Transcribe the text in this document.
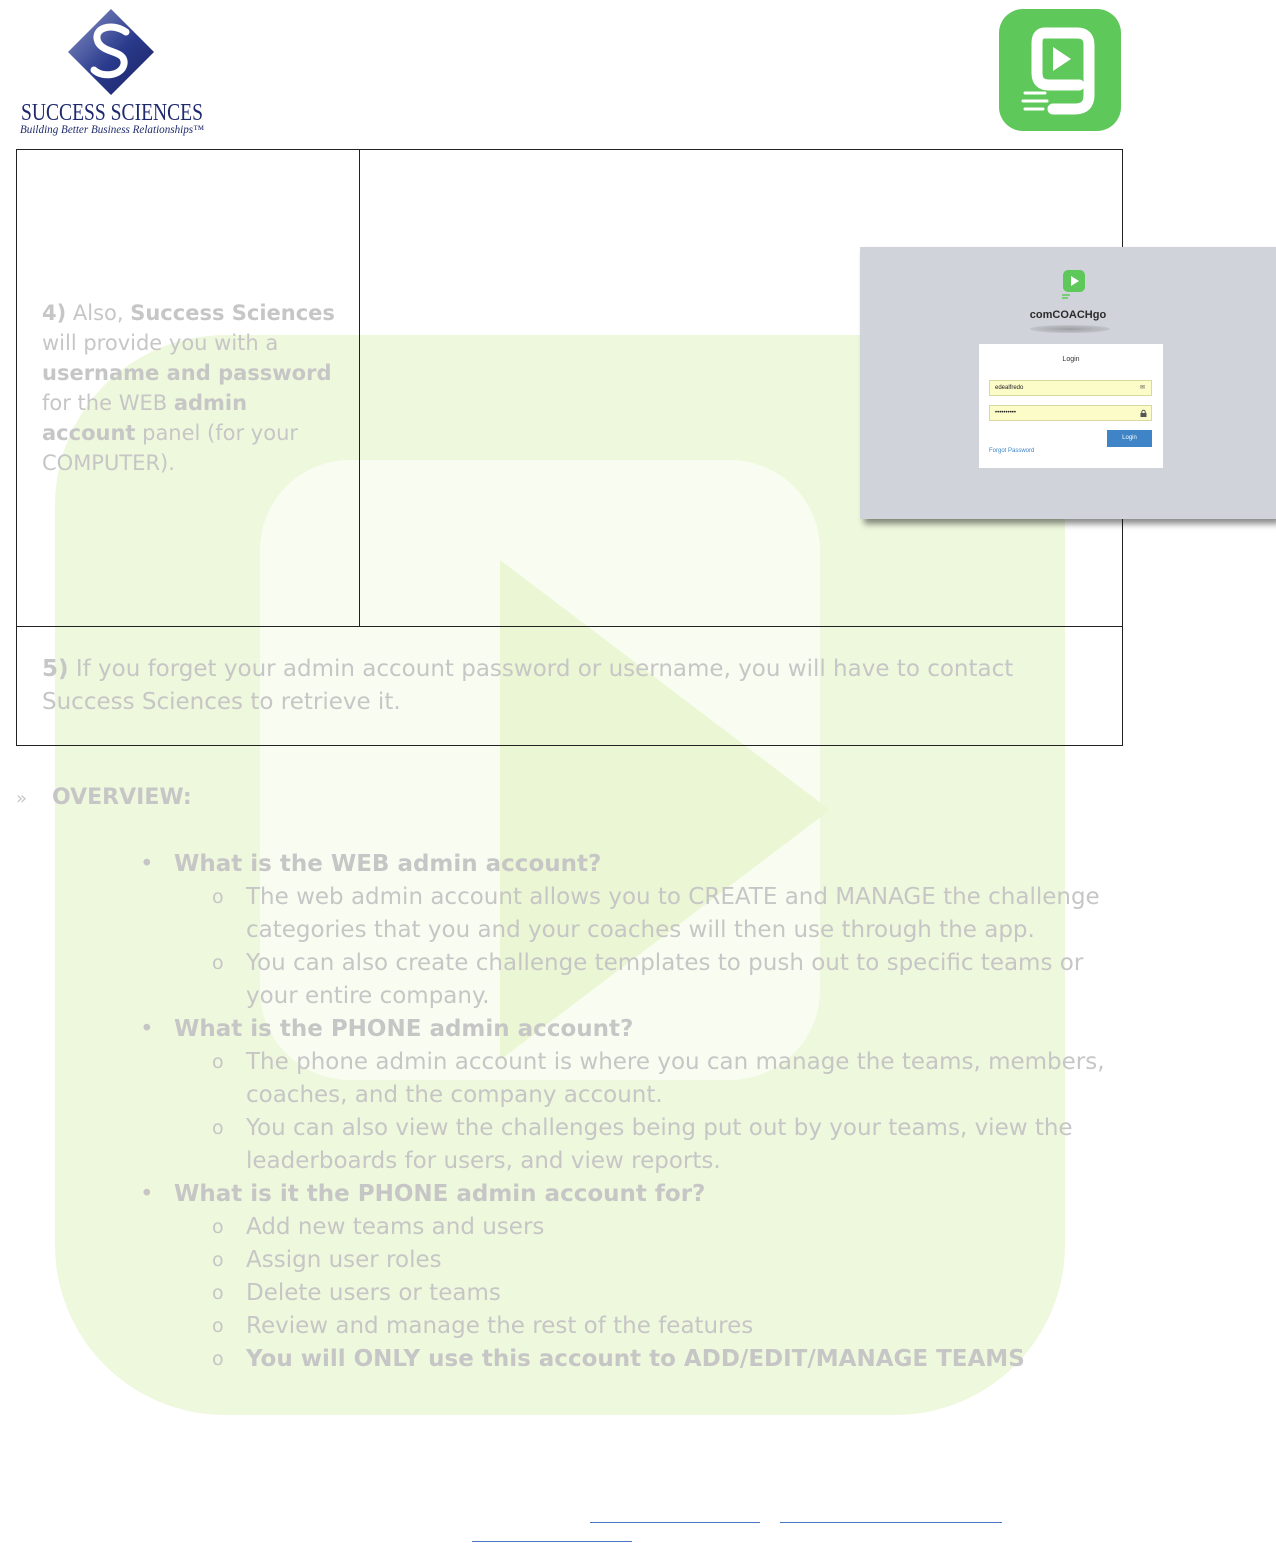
SUCCESS SCIENCES
Building Better Business Relationships™
4) Also, Success Sciences will provide you with a username and password for the WEB admin account panel (for your COMPUTER).

comCOACHgo
Login
edealfredo	✉
••••••••••
Login
Forgot Password

5) If you forget your admin account password or username, you will have to contact Success Sciences to retrieve it.
» OVERVIEW:
• What is the WEB admin account?
o The web admin account allows you to CREATE and MANAGE the challenge categories that you and your coaches will then use through the app.
o You can also create challenge templates to push out to specific teams or your entire company.
• What is the PHONE admin account?
o The phone admin account is where you can manage the teams, members, coaches, and the company account.
o You can also view the challenges being put out by your teams, view the leaderboards for users, and view reports.
• What is it the PHONE admin account for?
o Add new teams and users
o Assign user roles
o Delete users or teams
o Review and manage the rest of the features
o You will ONLY use this account to ADD/EDIT/MANAGE TEAMS
